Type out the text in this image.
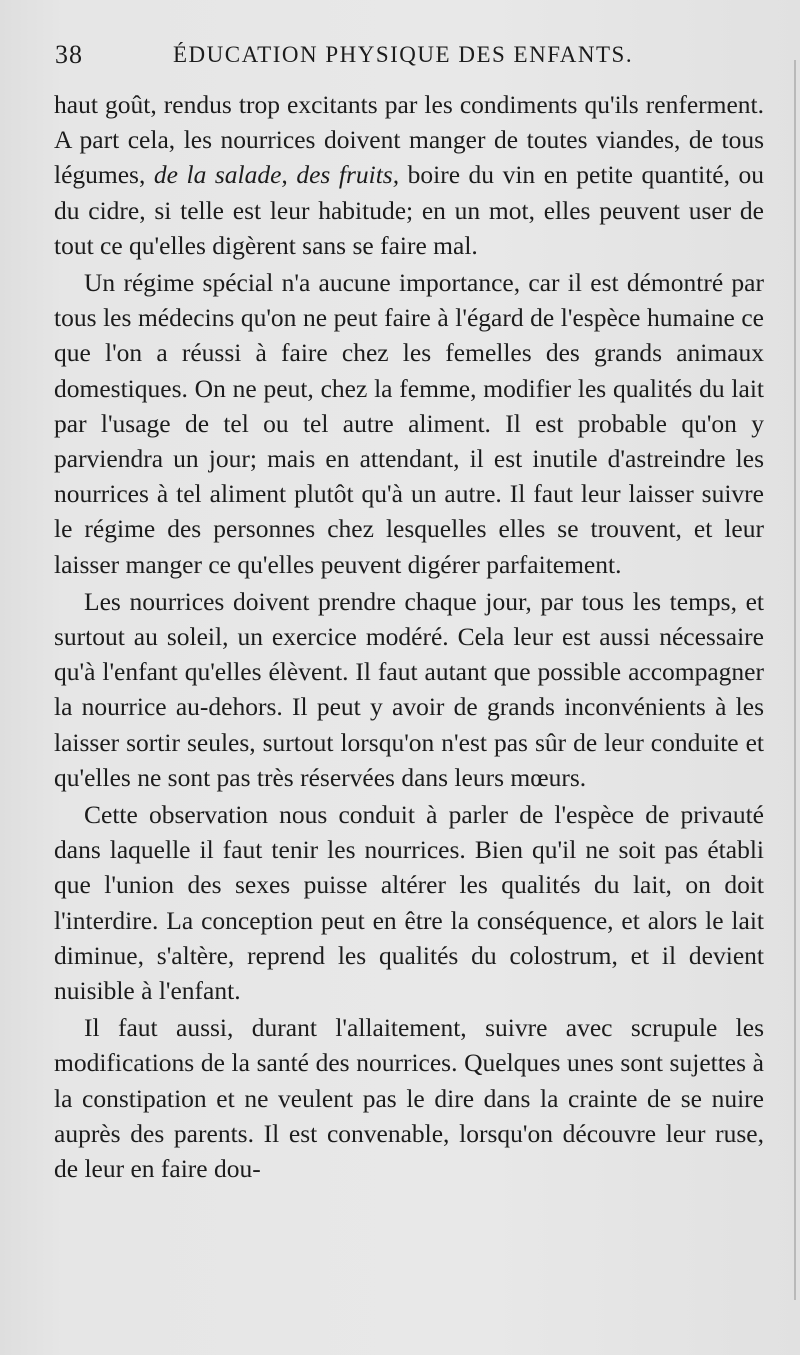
38	ÉDUCATION PHYSIQUE DES ENFANTS.

haut goût, rendus trop excitants par les condiments qu'ils renferment. A part cela, les nourrices doivent manger de toutes viandes, de tous légumes, de la salade, des fruits, boire du vin en petite quantité, ou du cidre, si telle est leur habitude; en un mot, elles peuvent user de tout ce qu'elles digèrent sans se faire mal.

Un régime spécial n'a aucune importance, car il est démontré par tous les médecins qu'on ne peut faire à l'égard de l'espèce humaine ce que l'on a réussi à faire chez les femelles des grands animaux domestiques. On ne peut, chez la femme, modifier les qualités du lait par l'usage de tel ou tel autre aliment. Il est probable qu'on y parviendra un jour; mais en attendant, il est inutile d'astreindre les nourrices à tel aliment plutôt qu'à un autre. Il faut leur laisser suivre le régime des personnes chez lesquelles elles se trouvent, et leur laisser manger ce qu'elles peuvent digérer parfaitement.

Les nourrices doivent prendre chaque jour, par tous les temps, et surtout au soleil, un exercice modéré. Cela leur est aussi nécessaire qu'à l'enfant qu'elles élèvent. Il faut autant que possible accompagner la nourrice au-dehors. Il peut y avoir de grands inconvénients à les laisser sortir seules, surtout lorsqu'on n'est pas sûr de leur conduite et qu'elles ne sont pas très réservées dans leurs mœurs.

Cette observation nous conduit à parler de l'espèce de privauté dans laquelle il faut tenir les nourrices. Bien qu'il ne soit pas établi que l'union des sexes puisse altérer les qualités du lait, on doit l'interdire. La conception peut en être la conséquence, et alors le lait diminue, s'altère, reprend les qualités du colostrum, et il devient nuisible à l'enfant.

Il faut aussi, durant l'allaitement, suivre avec scrupule les modifications de la santé des nourrices. Quelques unes sont sujettes à la constipation et ne veulent pas le dire dans la crainte de se nuire auprès des parents. Il est convenable, lorsqu'on découvre leur ruse, de leur en faire dou-
